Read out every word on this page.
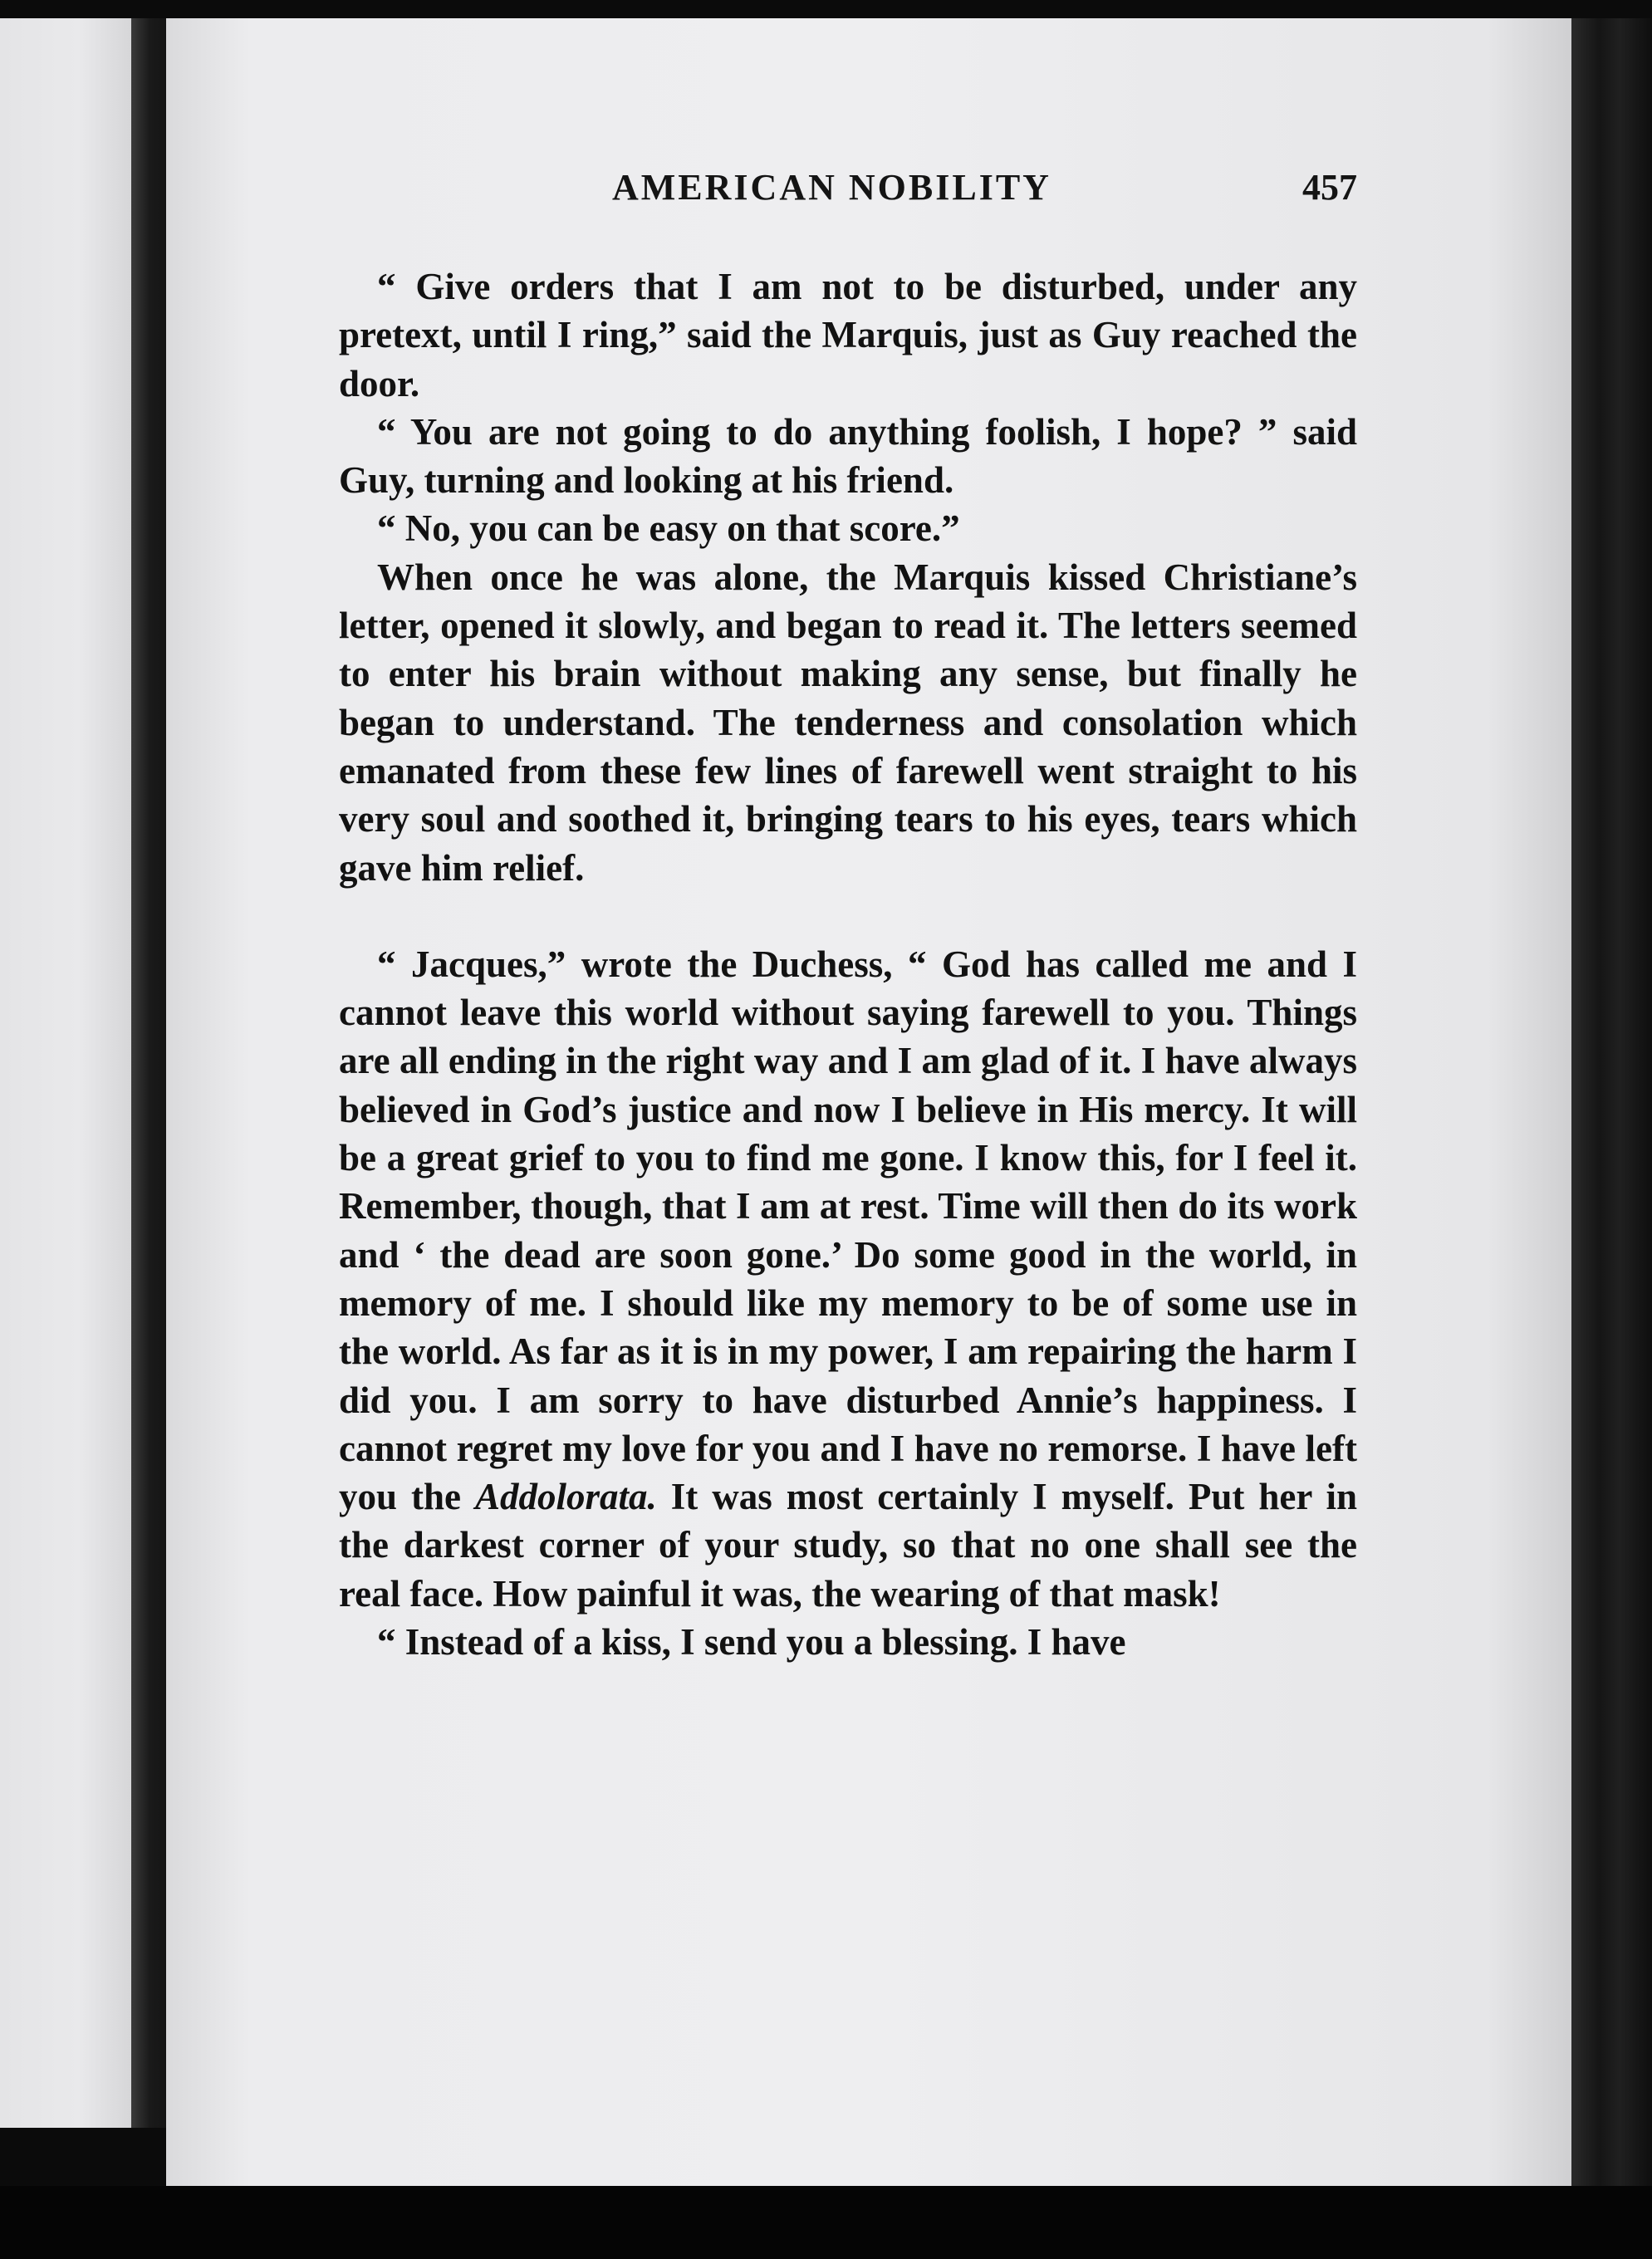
AMERICAN NOBILITY	457

“ Give orders that I am not to be disturbed, under any pretext, until I ring,” said the Marquis, just as Guy reached the door.

“ You are not going to do anything foolish, I hope? ” said Guy, turning and looking at his friend.

“ No, you can be easy on that score.”

When once he was alone, the Marquis kissed Christiane’s letter, opened it slowly, and began to read it. The letters seemed to enter his brain without making any sense, but finally he began to understand. The tenderness and consolation which emanated from these few lines of farewell went straight to his very soul and soothed it, bringing tears to his eyes, tears which gave him relief.

“ Jacques,” wrote the Duchess, “ God has called me and I cannot leave this world without saying farewell to you. Things are all ending in the right way and I am glad of it. I have always believed in God’s justice and now I believe in His mercy. It will be a great grief to you to find me gone. I know this, for I feel it. Remember, though, that I am at rest. Time will then do its work and ‘ the dead are soon gone.’ Do some good in the world, in memory of me. I should like my memory to be of some use in the world. As far as it is in my power, I am repairing the harm I did you. I am sorry to have disturbed Annie’s happiness. I cannot regret my love for you and I have no remorse. I have left you the Addolorata. It was most certainly I myself. Put her in the darkest corner of your study, so that no one shall see the real face. How painful it was, the wearing of that mask!

“ Instead of a kiss, I send you a blessing. I have
